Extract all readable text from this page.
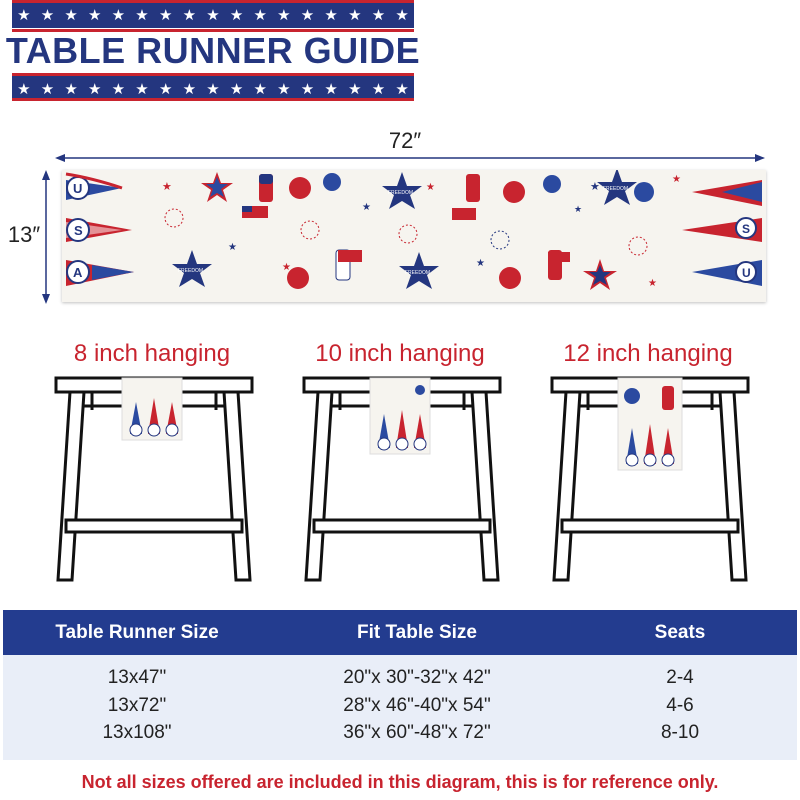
★ ★ ★ ★ ★ ★ ★ ★ ★ ★ ★ ★ ★ ★ ★ ★ ★
TABLE RUNNER GUIDE
★ ★ ★ ★ ★ ★ ★ ★ ★ ★ ★ ★ ★ ★ ★ ★ ★
72″
13″
U
S
A
S
U
FREEDOM
FREEDOM	FREEDOM
FREEDOM
★
★
★	★
★
★
★
★
★
★
8 inch hanging	10 inch hanging	12 inch hanging
Table Runner Size	Fit Table Size	Seats
13x47"	20"x 30"-32"x 42"	2-4
13x72"	28"x 46"-40"x 54"	4-6
13x108"	36"x 60"-48"x 72"	8-10
Not all sizes offered are included in this diagram, this is for reference only.
